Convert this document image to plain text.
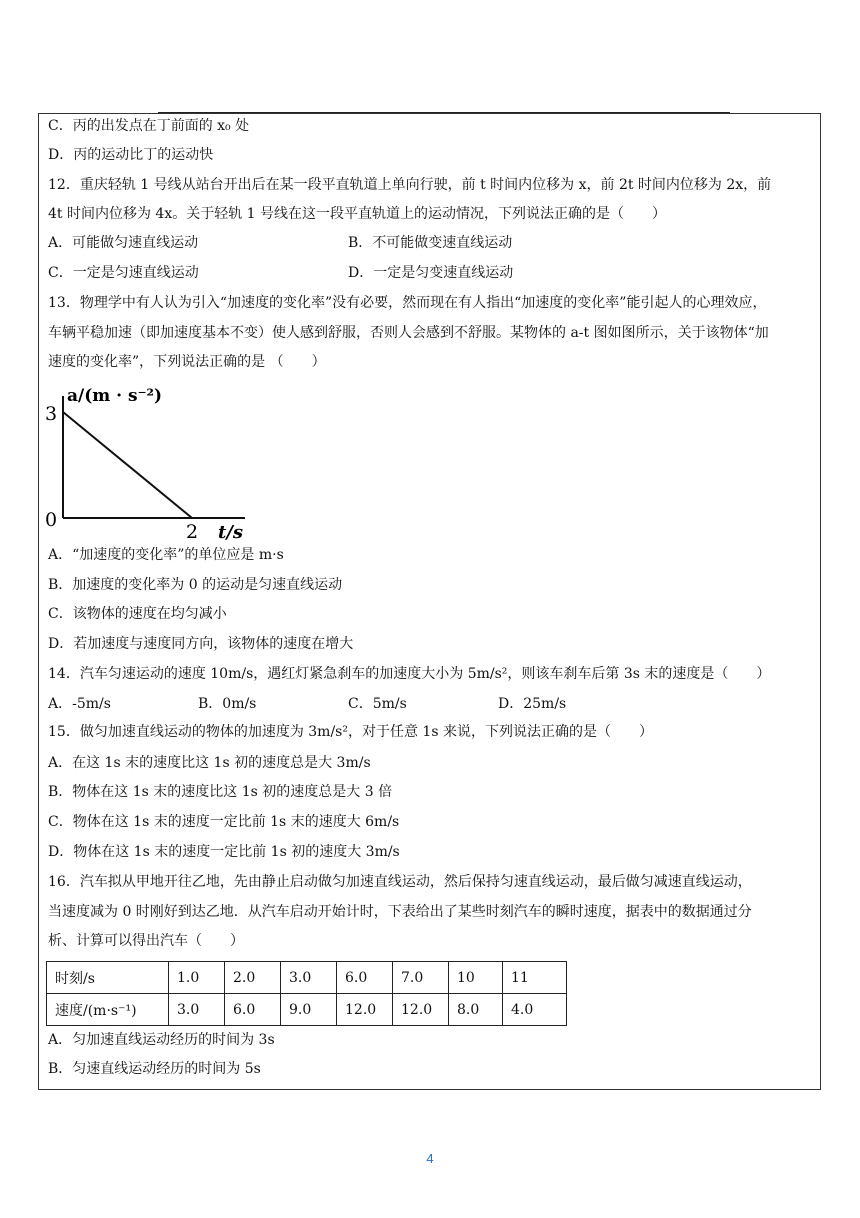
C．丙的出发点在丁前面的 x₀ 处
D．丙的运动比丁的运动快
12．重庆轻轨 1 号线从站台开出后在某一段平直轨道上单向行驶，前 t 时间内位移为 x，前 2t 时间内位移为 2x，前
4t 时间内位移为 4x。关于轻轨 1 号线在这一段平直轨道上的运动情况，下列说法正确的是（　　）
A．可能做匀速直线运动	B．不可能做变速直线运动
C．一定是匀速直线运动	D．一定是匀变速直线运动
13．物理学中有人认为引入“加速度的变化率”没有必要，然而现在有人指出“加速度的变化率”能引起人的心理效应，
车辆平稳加速（即加速度基本不变）使人感到舒服，否则人会感到不舒服。某物体的 a-t 图如图所示，关于该物体“加
速度的变化率”，下列说法正确的是 （　　）
a/(m · s⁻²)
3
0
2 t/s
A．“加速度的变化率”的单位应是 m·s
B．加速度的变化率为 0 的运动是匀速直线运动
C．该物体的速度在均匀减小
D．若加速度与速度同方向，该物体的速度在增大
14．汽车匀速运动的速度 10m/s，遇红灯紧急刹车的加速度大小为 5m/s²，则该车刹车后第 3s 末的速度是（　　）
A．-5m/s	B．0m/s	C．5m/s	D．25m/s
15．做匀加速直线运动的物体的加速度为 3m/s²，对于任意 1s 来说，下列说法正确的是（　　）
A．在这 1s 末的速度比这 1s 初的速度总是大 3m/s
B．物体在这 1s 末的速度比这 1s 初的速度总是大 3 倍
C．物体在这 1s 末的速度一定比前 1s 末的速度大 6m/s
D．物体在这 1s 末的速度一定比前 1s 初的速度大 3m/s
16．汽车拟从甲地开往乙地，先由静止启动做匀加速直线运动，然后保持匀速直线运动，最后做匀减速直线运动，
当速度减为 0 时刚好到达乙地．从汽车启动开始计时，下表给出了某些时刻汽车的瞬时速度，据表中的数据通过分
析、计算可以得出汽车（　　）
时刻/s	1.0	2.0	3.0	6.0	7.0	10	11
速度/(m·s⁻¹)	3.0	6.0	9.0	12.0	12.0	8.0	4.0
A．匀加速直线运动经历的时间为 3s
B．匀速直线运动经历的时间为 5s
4
